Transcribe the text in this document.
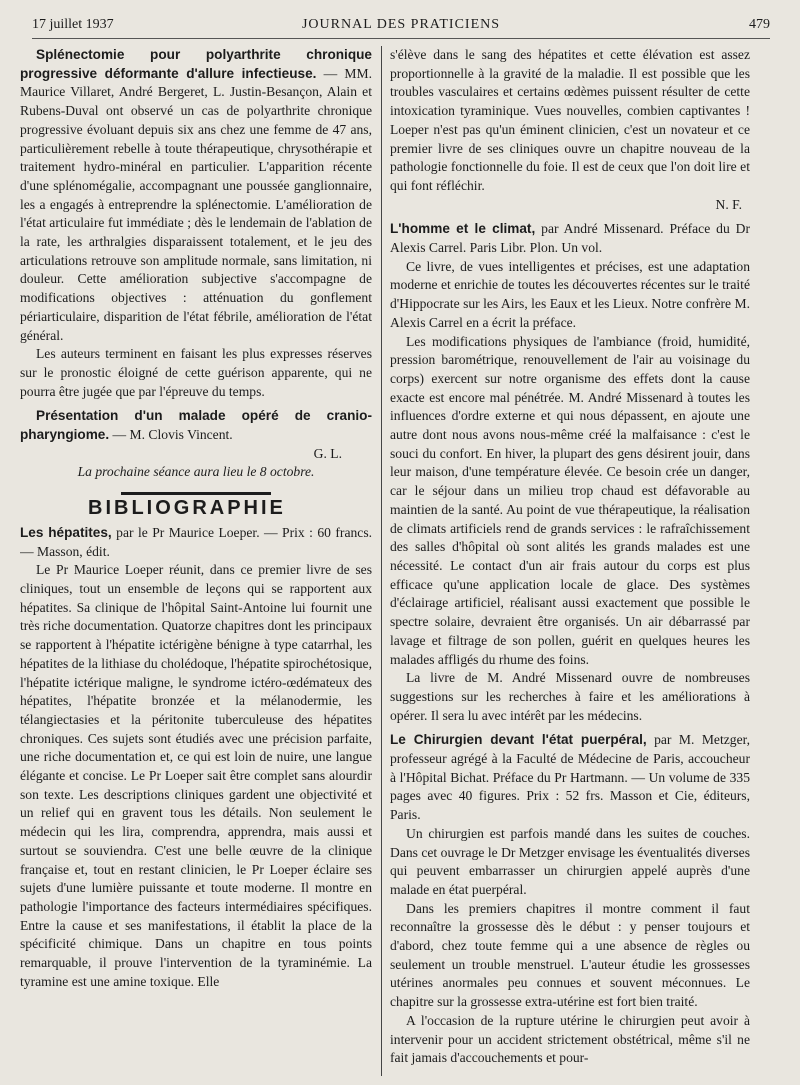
17 juillet 1937	JOURNAL DES PRATICIENS	479

Splénectomie pour polyarthrite chronique progressive déformante d'allure infectieuse. — MM. Maurice Villaret, André Bergeret, L. Justin-Besançon, Alain et Rubens-Duval ont observé un cas de polyarthrite chronique progressive évoluant depuis six ans chez une femme de 47 ans, particulièrement rebelle à toute thérapeutique, chrysothérapie et traitement hydro-minéral en particulier. L'apparition récente d'une splénomégalie, accompagnant une poussée ganglionnaire, les a engagés à entreprendre la splénectomie. L'amélioration de l'état articulaire fut immédiate ; dès le lendemain de l'ablation de la rate, les arthralgies disparaissent totalement, et le jeu des articulations retrouve son amplitude normale, sans limitation, ni douleur. Cette amélioration subjective s'accompagne de modifications objectives : atténuation du gonflement périarticulaire, disparition de l'état fébrile, amélioration de l'état général.

Les auteurs terminent en faisant les plus expresses réserves sur le pronostic éloigné de cette guérison apparente, qui ne pourra être jugée que par l'épreuve du temps.

Présentation d'un malade opéré de cranio-pharyngiome. — M. Clovis Vincent.

G. L.

La prochaine séance aura lieu le 8 octobre.

BIBLIOGRAPHIE

Les hépatites, par le Pr Maurice Loeper. — Prix : 60 francs. — Masson, édit.

Le Pr Maurice Loeper réunit, dans ce premier livre de ses cliniques, tout un ensemble de leçons qui se rapportent aux hépatites. Sa clinique de l'hôpital Saint-Antoine lui fournit une très riche documentation. Quatorze chapitres dont les principaux se rapportent à l'hépatite ictérigène bénigne à type catarrhal, les hépatites de la lithiase du cholédoque, l'hépatite spirochétosique, l'hépatite ictérique maligne, le syndrome ictéro-œdémateux des hépatites, l'hépatite bronzée et la mélanodermie, les télangiectasies et la péritonite tuberculeuse des hépatites chroniques. Ces sujets sont étudiés avec une précision parfaite, une riche documentation et, ce qui est loin de nuire, une langue élégante et concise. Le Pr Loeper sait être complet sans alourdir son texte. Les descriptions cliniques gardent une objectivité et un relief qui en gravent tous les détails. Non seulement le médecin qui les lira, comprendra, apprendra, mais aussi et surtout se souviendra. C'est une belle œuvre de la clinique française et, tout en restant clinicien, le Pr Loeper éclaire ses sujets d'une lumière puissante et toute moderne. Il montre en pathologie l'importance des facteurs intermédiaires spécifiques. Entre la cause et ses manifestations, il établit la place de la spécificité chimique. Dans un chapitre en tous points remarquable, il prouve l'intervention de la tyraminémie. La tyramine est une amine toxique. Elle

s'élève dans le sang des hépatites et cette élévation est assez proportionnelle à la gravité de la maladie. Il est possible que les troubles vasculaires et certains œdèmes puissent résulter de cette intoxication tyraminique. Vues nouvelles, combien captivantes ! Loeper n'est pas qu'un éminent clinicien, c'est un novateur et ce premier livre de ses cliniques ouvre un chapitre nouveau de la pathologie fonctionnelle du foie. Il est de ceux que l'on doit lire et qui font réfléchir.

N. F.

L'homme et le climat, par André Missenard. Préface du Dr Alexis Carrel. Paris Libr. Plon. Un vol.

Ce livre, de vues intelligentes et précises, est une adaptation moderne et enrichie de toutes les découvertes récentes sur le traité d'Hippocrate sur les Airs, les Eaux et les Lieux. Notre confrère M. Alexis Carrel en a écrit la préface.

Les modifications physiques de l'ambiance (froid, humidité, pression barométrique, renouvellement de l'air au voisinage du corps) exercent sur notre organisme des effets dont la cause exacte est encore mal pénétrée. M. André Missenard à toutes les influences d'ordre externe et qui nous dépassent, en ajoute une autre dont nous avons nous-même créé la malfaisance : c'est le souci du confort. En hiver, la plupart des gens désirent jouir, dans leur maison, d'une température élevée. Ce besoin crée un danger, car le séjour dans un milieu trop chaud est défavorable au maintien de la santé. Au point de vue thérapeutique, la réalisation de climats artificiels rend de grands services : le rafraîchissement des salles d'hôpital où sont alités les grands malades est une nécessité. Le contact d'un air frais autour du corps est plus efficace qu'une application locale de glace. Des systèmes d'éclairage artificiel, réalisant aussi exactement que possible le spectre solaire, devraient être organisés. Un air débarrassé par lavage et filtrage de son pollen, guérit en quelques heures les malades affligés du rhume des foins.

La livre de M. André Missenard ouvre de nombreuses suggestions sur les recherches à faire et les améliorations à opérer. Il sera lu avec intérêt par les médecins.

Le Chirurgien devant l'état puerpéral, par M. Metzger, professeur agrégé à la Faculté de Médecine de Paris, accoucheur à l'Hôpital Bichat. Préface du Pr Hartmann. — Un volume de 335 pages avec 40 figures. Prix : 52 frs. Masson et Cie, éditeurs, Paris.

Un chirurgien est parfois mandé dans les suites de couches. Dans cet ouvrage le Dr Metzger envisage les éventualités diverses qui peuvent embarrasser un chirurgien appelé auprès d'une malade en état puerpéral.

Dans les premiers chapitres il montre comment il faut reconnaître la grossesse dès le début : y penser toujours et d'abord, chez toute femme qui a une absence de règles ou seulement un trouble menstruel. L'auteur étudie les grossesses utérines anormales peu connues et souvent méconnues. Le chapitre sur la grossesse extra-utérine est fort bien traité.

A l'occasion de la rupture utérine le chirurgien peut avoir à intervenir pour un accident strictement obstétrical, même s'il ne fait jamais d'accouchements et pour-
